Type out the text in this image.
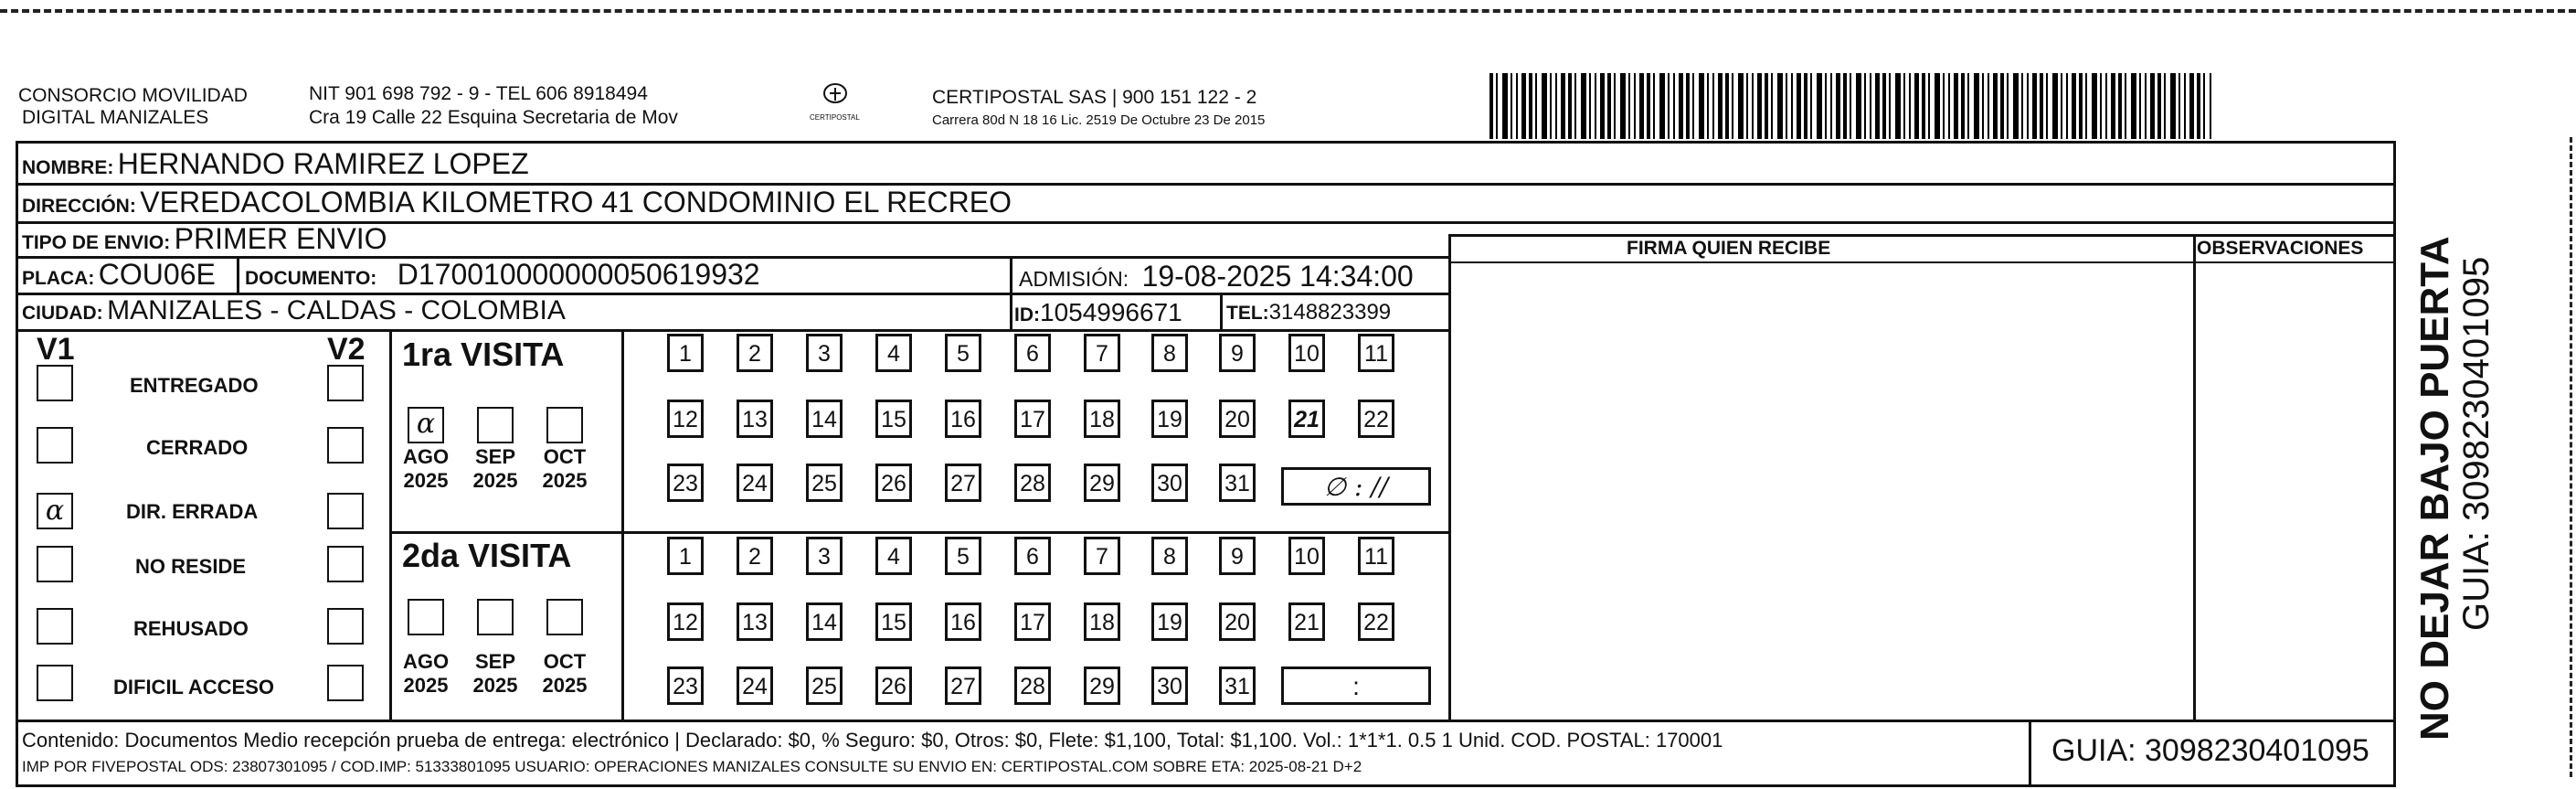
CONSORCIO MOVILIDAD
DIGITAL MANIZALES
NIT 901 698 792 - 9 - TEL 606 8918494
Cra 19 Calle 22 Esquina Secretaria de Mov	CERTIPOSTAL
CERTIPOSTAL SAS | 900 151 122 - 2
Carrera 80d N 18 16 Lic. 2519 De Octubre 23 De 2015
NOMBRE: HERNANDO RAMIREZ LOPEZ
DIRECCIÓN: VEREDACOLOMBIA KILOMETRO 41 CONDOMINIO EL RECREO
TIPO DE ENVIO: PRIMER ENVIO
PLACA: COU06E DOCUMENTO: D170010000000050619932	ADMISIÓN: 19-08-2025 14:34:00
CIUDAD: MANIZALES - CALDAS - COLOMBIA	ID:1054996671 TEL:3148823399
FIRMA QUIEN RECIBE	OBSERVACIONES
V1	V2
ENTREGADO
CERRADO
α	DIR. ERRADA
NO RESIDE
REHUSADO
DIFICIL ACCESO
1ra VISITA
α
AGO
2025
SEP
2025
OCT
2025
1	2	3	4	5	6	7	8	9	10 11
12 13 14 15 16 17 18 19 20 21 22
23 24 25 26 27 28 29 30 31	∅ : //
2da VISITA
AGO
2025
SEP
2025
OCT
2025
1	2	3	4	5	6	7	8	9	10 11
12 13 14 15 16 17 18 19 20 21 22
23 24 25 26 27 28 29 30 31	:
Contenido: Documentos Medio recepción prueba de entrega: electrónico | Declarado: $0, % Seguro: $0, Otros: $0, Flete: $1,100, Total: $1,100. Vol.: 1*1*1. 0.5 1 Unid. COD. POSTAL: 170001
IMP POR FIVEPOSTAL ODS: 23807301095 / COD.IMP: 51333801095 USUARIO: OPERACIONES MANIZALES CONSULTE SU ENVIO EN: CERTIPOSTAL.COM SOBRE ETA: 2025-08-21 D+2	GUIA: 3098230401095
NO DEJAR BAJO PUERTA GUIA: 3098230401095
